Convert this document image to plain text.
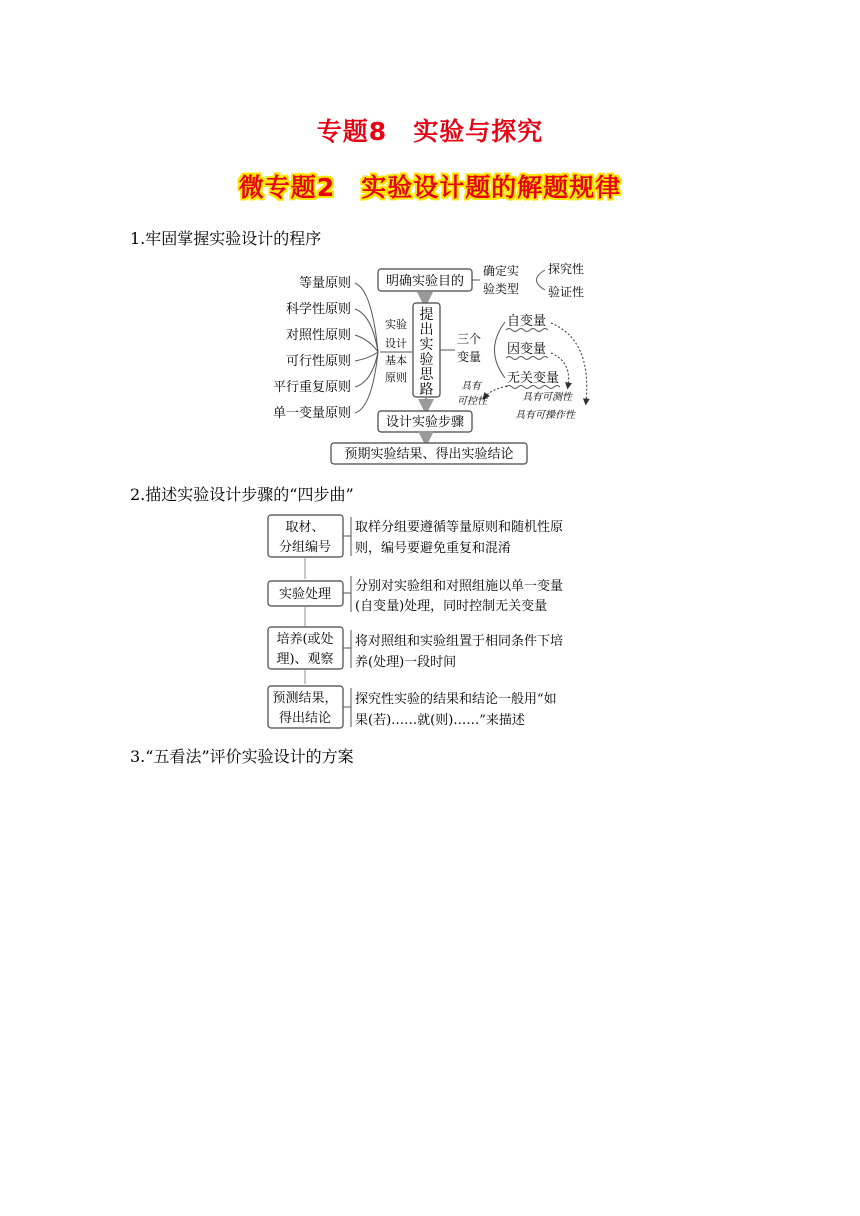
专题8　实验与探究
微专题2　实验设计题的解题规律
1.牢固掌握实验设计的程序
2.描述实验设计步骤的“四步曲”
3.“五看法”评价实验设计的方案
等量原则
科学性原则
对照性原则
可行性原则
平行重复原则
单一变量原则
实验
设计
基本
原则
明确实验目的
确定实
验类型
探究性
验证性
提
出
实
验
思
路
三个
变量
自变量
因变量
无关变量
具有
可控性	具有可测性
具有可操作性
设计实验步骤
预期实验结果、得出实验结论
取材、
分组编号
取样分组要遵循等量原则和随机性原
则，编号要避免重复和混淆
实验处理
分别对实验组和对照组施以单一变量
(自变量)处理，同时控制无关变量
培养(或处
理)、观察
将对照组和实验组置于相同条件下培
养(处理)一段时间
预测结果，
得出结论
探究性实验的结果和结论一般用“如
果(若)……就(则)……”来描述
